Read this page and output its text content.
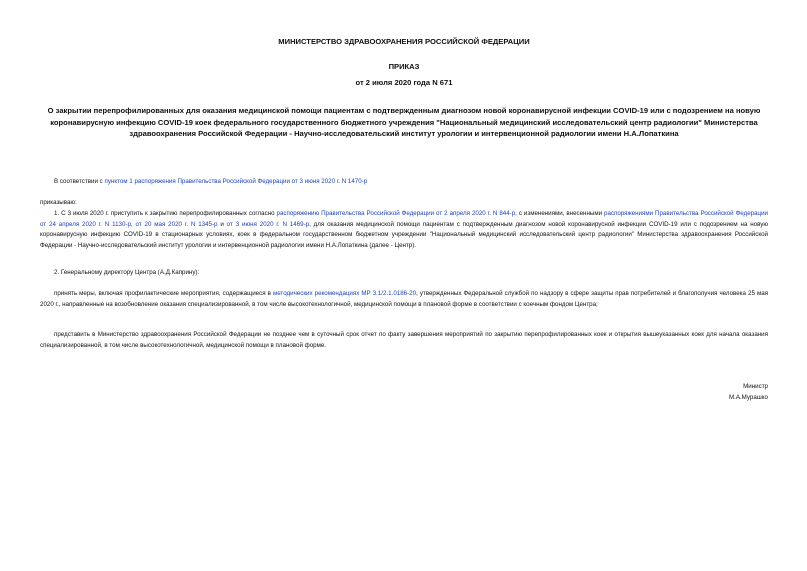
МИНИСТЕРСТВО ЗДРАВООХРАНЕНИЯ РОССИЙСКОЙ ФЕДЕРАЦИИ
ПРИКАЗ
от 2 июля 2020 года N 671
О закрытии перепрофилированных для оказания медицинской помощи пациентам с подтвержденным диагнозом новой коронавирусной инфекции COVID-19 или с подозрением на новую коронавирусную инфекцию COVID-19 коек федерального государственного бюджетного учреждения "Национальный медицинский исследовательский центр радиологии" Министерства здравоохранения Российской Федерации - Научно-исследовательский институт урологии и интервенционной радиологии имени Н.А.Лопаткина
В соответствии с пунктом 1 распоряжения Правительства Российской Федерации от 3 июня 2020 г. N 1470-р
приказываю:
1. С 3 июля 2020 г. приступить к закрытию перепрофилированных согласно распоряжению Правительства Российской Федерации от 2 апреля 2020 г. N 844-р, с изменениями, внесенными распоряжениями Правительства Российской Федерации от 24 апреля 2020 г. N 1130-р, от 20 мая 2020 г. N 1345-р и от 3 июня 2020 г. N 1469-р, для оказания медицинской помощи пациентам с подтвержденным диагнозом новой коронавирусной инфекции COVID-19 или с подозрением на новую коронавирусную инфекцию COVID-19 в стационарных условиях, коек в федеральном государственном бюджетном учреждении "Национальный медицинский исследовательский центр радиологии" Министерства здравоохранения Российской Федерации - Научно-исследовательский институт урологии и интервенционной радиологии имени Н.А.Лопаткина (далее - Центр).
2. Генеральному директору Центра (А.Д.Каприну):
принять меры, включая профилактические мероприятия, содержащиеся в методических рекомендациях МР 3.1/2.1.0186-20, утвержденных Федеральной службой по надзору в сфере защиты прав потребителей и благополучия человека 25 мая 2020 г., направленные на возобновление оказания специализированной, в том числе высокотехнологичной, медицинской помощи в плановой форме в соответствии с коечным фондом Центра;
представить в Министерство здравоохранения Российской Федерации не позднее чем в суточный срок отчет по факту завершения мероприятий по закрытию перепрофилированных коек и открытия вышеуказанных коек для начала оказания специализированной, в том числе высокотехнологичной, медицинской помощи в плановой форме.
Министр
М.А.Мурашко
